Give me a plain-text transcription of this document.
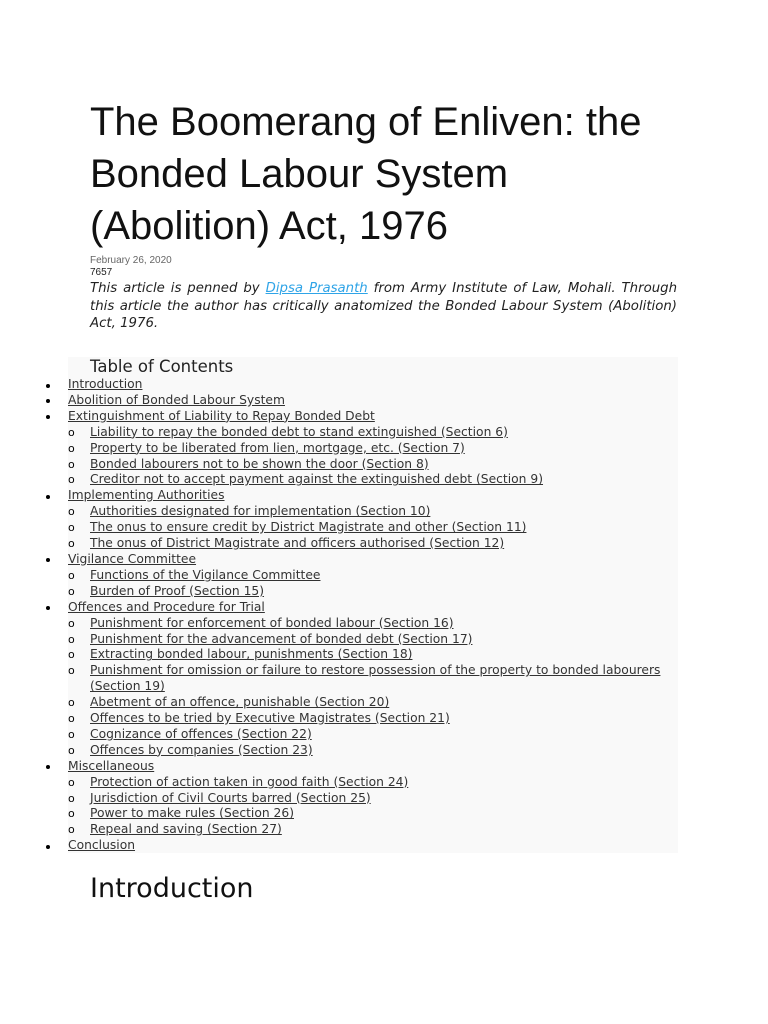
The Boomerang of Enliven: the Bonded Labour System (Abolition) Act, 1976
February 26, 2020
7657

This article is penned by Dipsa Prasanth from Army Institute of Law, Mohali. Through this article the author has critically anatomized the Bonded Labour System (Abolition) Act, 1976.

Table of Contents
Introduction
Abolition of Bonded Labour System
Extinguishment of Liability to Repay Bonded Debt
o Liability to repay the bonded debt to stand extinguished (Section 6)
o Property to be liberated from lien, mortgage, etc. (Section 7)
o Bonded labourers not to be shown the door (Section 8)
o Creditor not to accept payment against the extinguished debt (Section 9)
Implementing Authorities
o Authorities designated for implementation (Section 10)
o The onus to ensure credit by District Magistrate and other (Section 11)
o The onus of District Magistrate and officers authorised (Section 12)
Vigilance Committee
o Functions of the Vigilance Committee
o Burden of Proof (Section 15)
Offences and Procedure for Trial
o Punishment for enforcement of bonded labour (Section 16)
o Punishment for the advancement of bonded debt (Section 17)
o Extracting bonded labour, punishments (Section 18)
o Punishment for omission or failure to restore possession of the property to bonded labourers (Section 19)
o Abetment of an offence, punishable (Section 20)
o Offences to be tried by Executive Magistrates (Section 21)
o Cognizance of offences (Section 22)
o Offences by companies (Section 23)
Miscellaneous
o Protection of action taken in good faith (Section 24)
o Jurisdiction of Civil Courts barred (Section 25)
o Power to make rules (Section 26)
o Repeal and saving (Section 27)
Conclusion
Introduction
